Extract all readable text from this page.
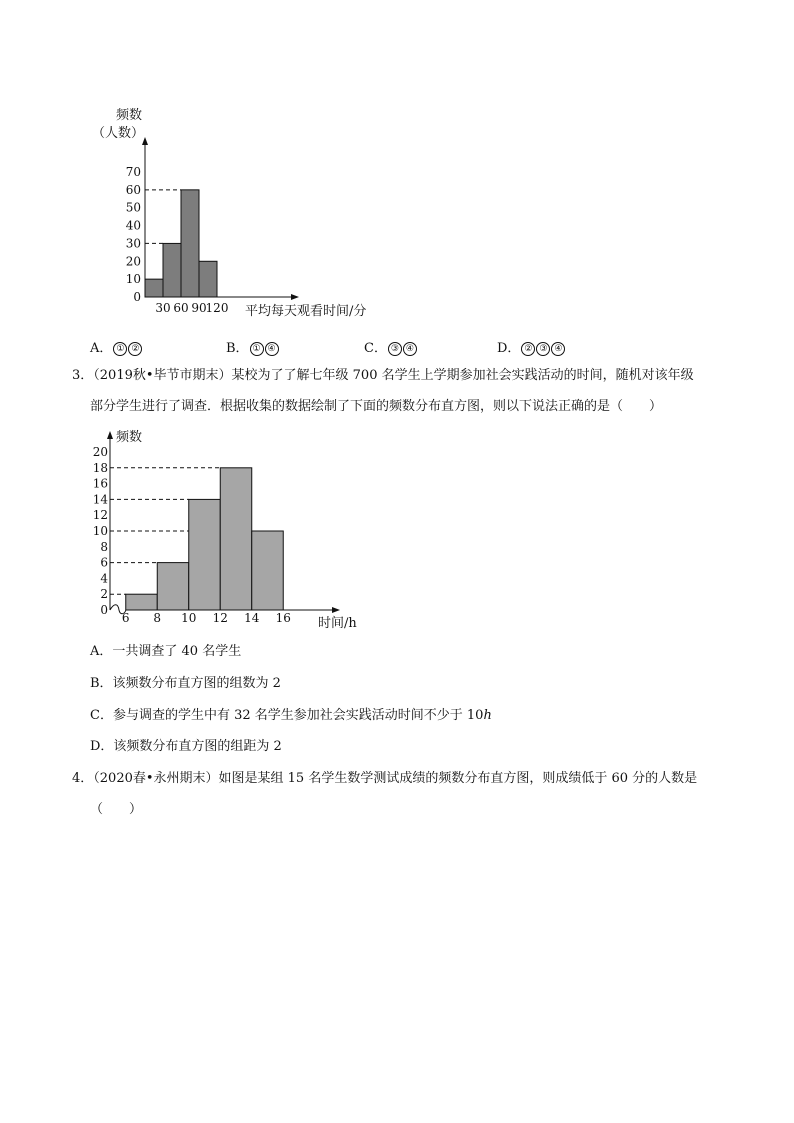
频数
（人数）
70
60
50
40
30
20
10
0
30 60 90
120 平均每天观看时间/分
A． ① ②	B． ① ④	C． ③ ④	D． ② ③ ④
3．（2019秋•毕节市期末）某校为了了解七年级 700 名学生上学期参加社会实践活动的时间，随机对该年级
部分学生进行了调查．根据收集的数据绘制了下面的频数分布直方图，则以下说法正确的是（　　）
频数
20
18
16
14
12
10
8
6
4
2
0
6 8 10 12 14 16 时间/h
A．一共调查了 40 名学生
B．该频数分布直方图的组数为 2
C．参与调查的学生中有 32 名学生参加社会实践活动时间不少于 10h
D．该频数分布直方图的组距为 2
4．（2020春•永州期末）如图是某组 15 名学生数学测试成绩的频数分布直方图，则成绩低于 60 分的人数是
（　　）
